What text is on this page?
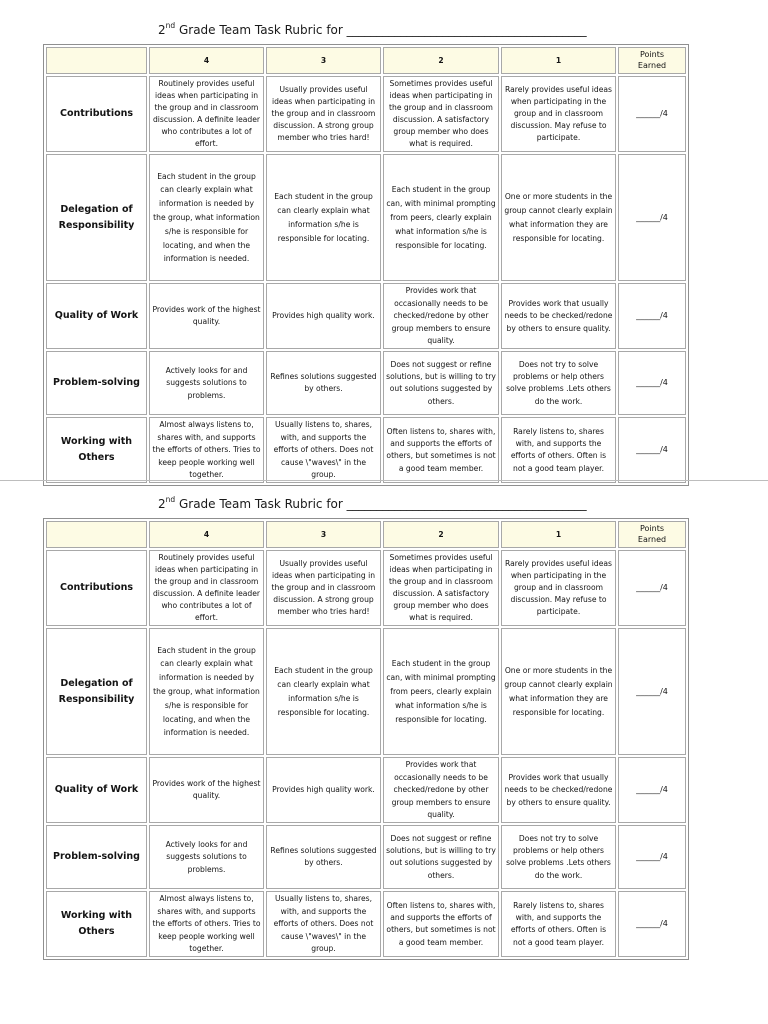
2nd Grade Team Task Rubric for ________________________________________
	4	3	2	1	Points Earned
Contributions	Routinely provides useful ideas when participating in the group and in classroom discussion. A definite leader who contributes a lot of effort.	Usually provides useful ideas when participating in the group and in classroom discussion. A strong group member who tries hard!	Sometimes provides useful ideas when participating in the group and in classroom discussion. A satisfactory group member who does what is required.	Rarely provides useful ideas when participating in the group and in classroom discussion. May refuse to participate.	______/4
Delegation of Responsibility	Each student in the group can clearly explain what information is needed by the group, what information s/he is responsible for locating, and when the information is needed.	Each student in the group can clearly explain what information s/he is responsible for locating.	Each student in the group can, with minimal prompting from peers, clearly explain what information s/he is responsible for locating.	One or more students in the group cannot clearly explain what information they are responsible for locating.	______/4
Quality of Work	Provides work of the highest quality.	Provides high quality work.	Provides work that occasionally needs to be checked/redone by other group members to ensure quality.	Provides work that usually needs to be checked/redone by others to ensure quality.	______/4
Problem-solving	Actively looks for and suggests solutions to problems.	Refines solutions suggested by others.	Does not suggest or refine solutions, but is willing to try out solutions suggested by others.	Does not try to solve problems or help others solve problems .Lets others do the work.	______/4
Working with Others	Almost always listens to, shares with, and supports the efforts of others. Tries to keep people working well together.	Usually listens to, shares, with, and supports the efforts of others. Does not cause \"waves\" in the group.	Often listens to, shares with, and supports the efforts of others, but sometimes is not a good team member.	Rarely listens to, shares with, and supports the efforts of others. Often is not a good team player.	______/4
2nd Grade Team Task Rubric for ________________________________________
	4	3	2	1	Points Earned
Contributions	Routinely provides useful ideas when participating in the group and in classroom discussion. A definite leader who contributes a lot of effort.	Usually provides useful ideas when participating in the group and in classroom discussion. A strong group member who tries hard!	Sometimes provides useful ideas when participating in the group and in classroom discussion. A satisfactory group member who does what is required.	Rarely provides useful ideas when participating in the group and in classroom discussion. May refuse to participate.	______/4
Delegation of Responsibility	Each student in the group can clearly explain what information is needed by the group, what information s/he is responsible for locating, and when the information is needed.	Each student in the group can clearly explain what information s/he is responsible for locating.	Each student in the group can, with minimal prompting from peers, clearly explain what information s/he is responsible for locating.	One or more students in the group cannot clearly explain what information they are responsible for locating.	______/4
Quality of Work	Provides work of the highest quality.	Provides high quality work.	Provides work that occasionally needs to be checked/redone by other group members to ensure quality.	Provides work that usually needs to be checked/redone by others to ensure quality.	______/4
Problem-solving	Actively looks for and suggests solutions to problems.	Refines solutions suggested by others.	Does not suggest or refine solutions, but is willing to try out solutions suggested by others.	Does not try to solve problems or help others solve problems .Lets others do the work.	______/4
Working with Others	Almost always listens to, shares with, and supports the efforts of others. Tries to keep people working well together.	Usually listens to, shares, with, and supports the efforts of others. Does not cause \"waves\" in the group.	Often listens to, shares with, and supports the efforts of others, but sometimes is not a good team member.	Rarely listens to, shares with, and supports the efforts of others. Often is not a good team player.	______/4
